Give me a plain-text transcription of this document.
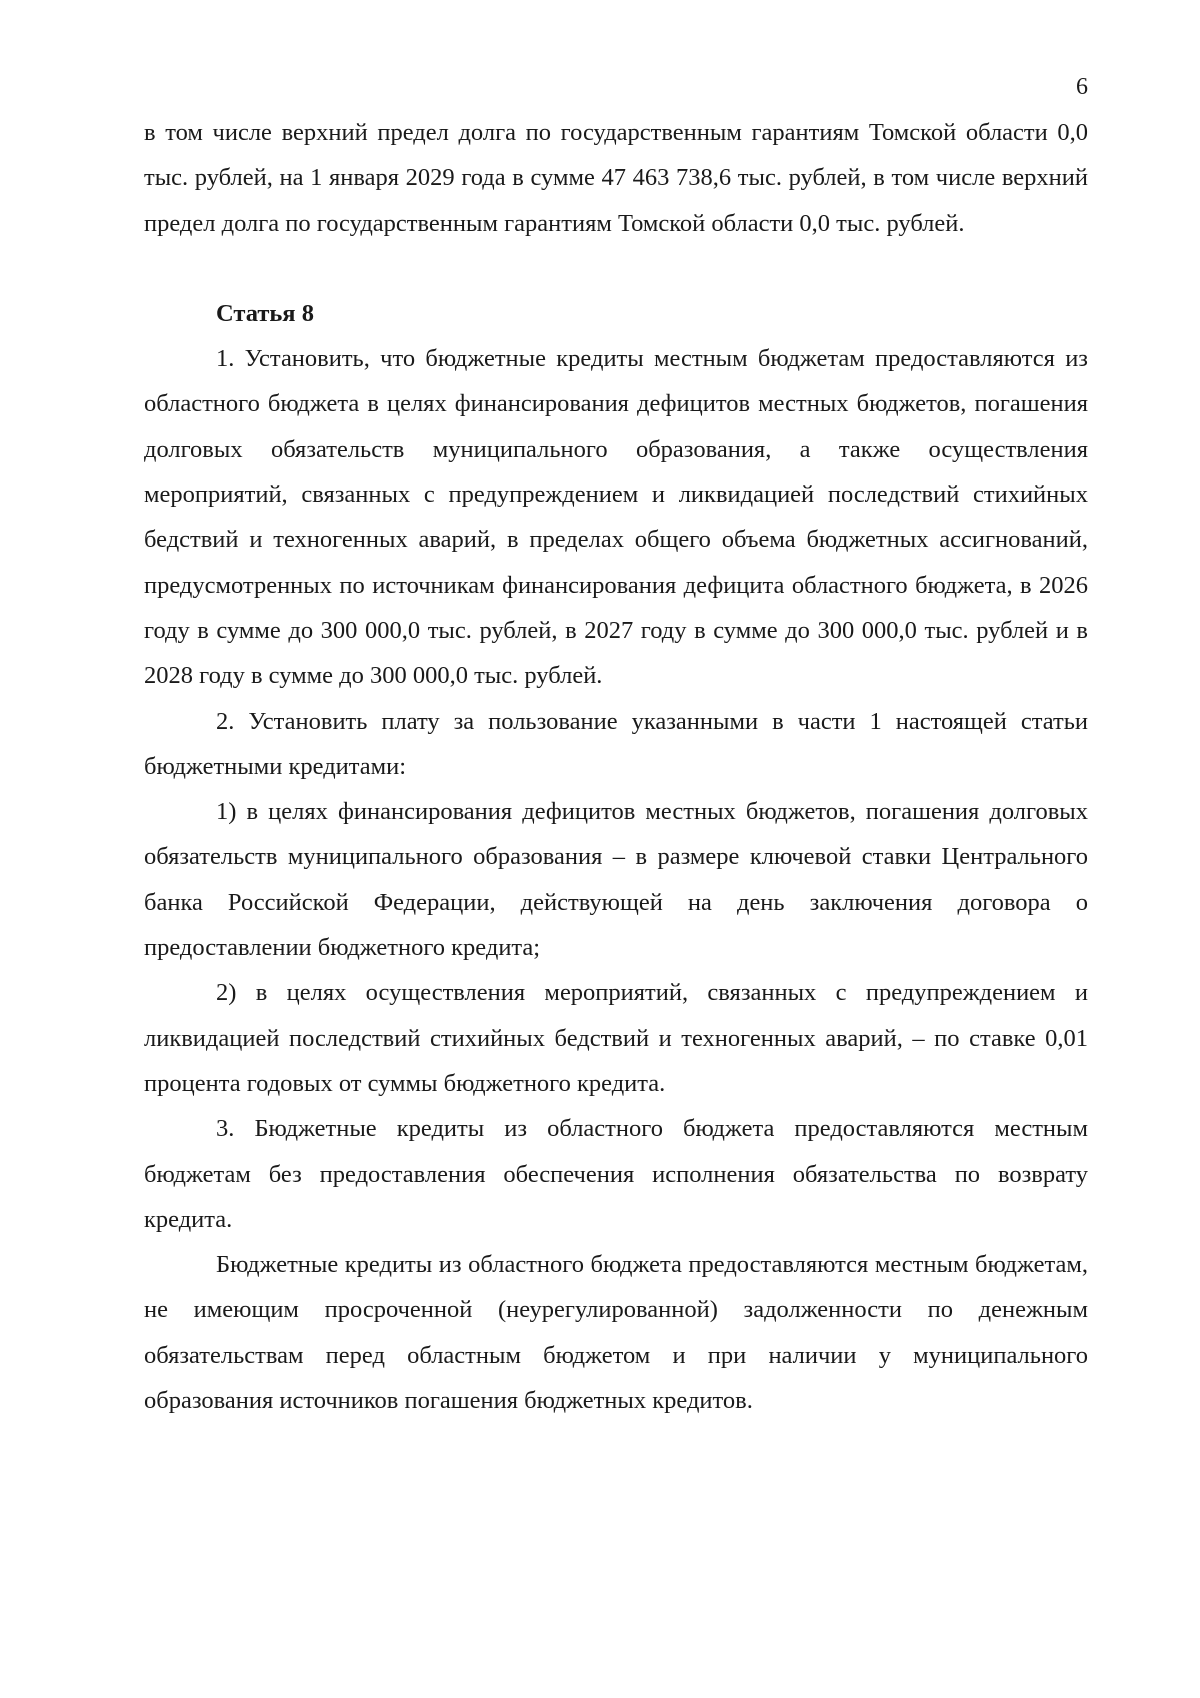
6

в том числе верхний предел долга по государственным гарантиям Томской области 0,0 тыс. рублей, на 1 января 2029 года в сумме 47 463 738,6 тыс. рублей, в том числе верхний предел долга по государственным гарантиям Томской области 0,0 тыс. рублей.

Статья 8

1. Установить, что бюджетные кредиты местным бюджетам предоставляются из областного бюджета в целях финансирования дефицитов местных бюджетов, погашения долговых обязательств муниципального образования, а также осуществления мероприятий, связанных с предупреждением и ликвидацией последствий стихийных бедствий и техногенных аварий, в пределах общего объема бюджетных ассигнований, предусмотренных по источникам финансирования дефицита областного бюджета, в 2026 году в сумме до 300 000,0 тыс. рублей, в 2027 году в сумме до 300 000,0 тыс. рублей и в 2028 году в сумме до 300 000,0 тыс. рублей.

2. Установить плату за пользование указанными в части 1 настоящей статьи бюджетными кредитами:

1) в целях финансирования дефицитов местных бюджетов, погашения долговых обязательств муниципального образования – в размере ключевой ставки Центрального банка Российской Федерации, действующей на день заключения договора о предоставлении бюджетного кредита;

2) в целях осуществления мероприятий, связанных с предупреждением и ликвидацией последствий стихийных бедствий и техногенных аварий, – по ставке 0,01 процента годовых от суммы бюджетного кредита.

3. Бюджетные кредиты из областного бюджета предоставляются местным бюджетам без предоставления обеспечения исполнения обязательства по возврату кредита.

Бюджетные кредиты из областного бюджета предоставляются местным бюджетам, не имеющим просроченной (неурегулированной) задолженности по денежным обязательствам перед областным бюджетом и при наличии у муниципального образования источников погашения бюджетных кредитов.
